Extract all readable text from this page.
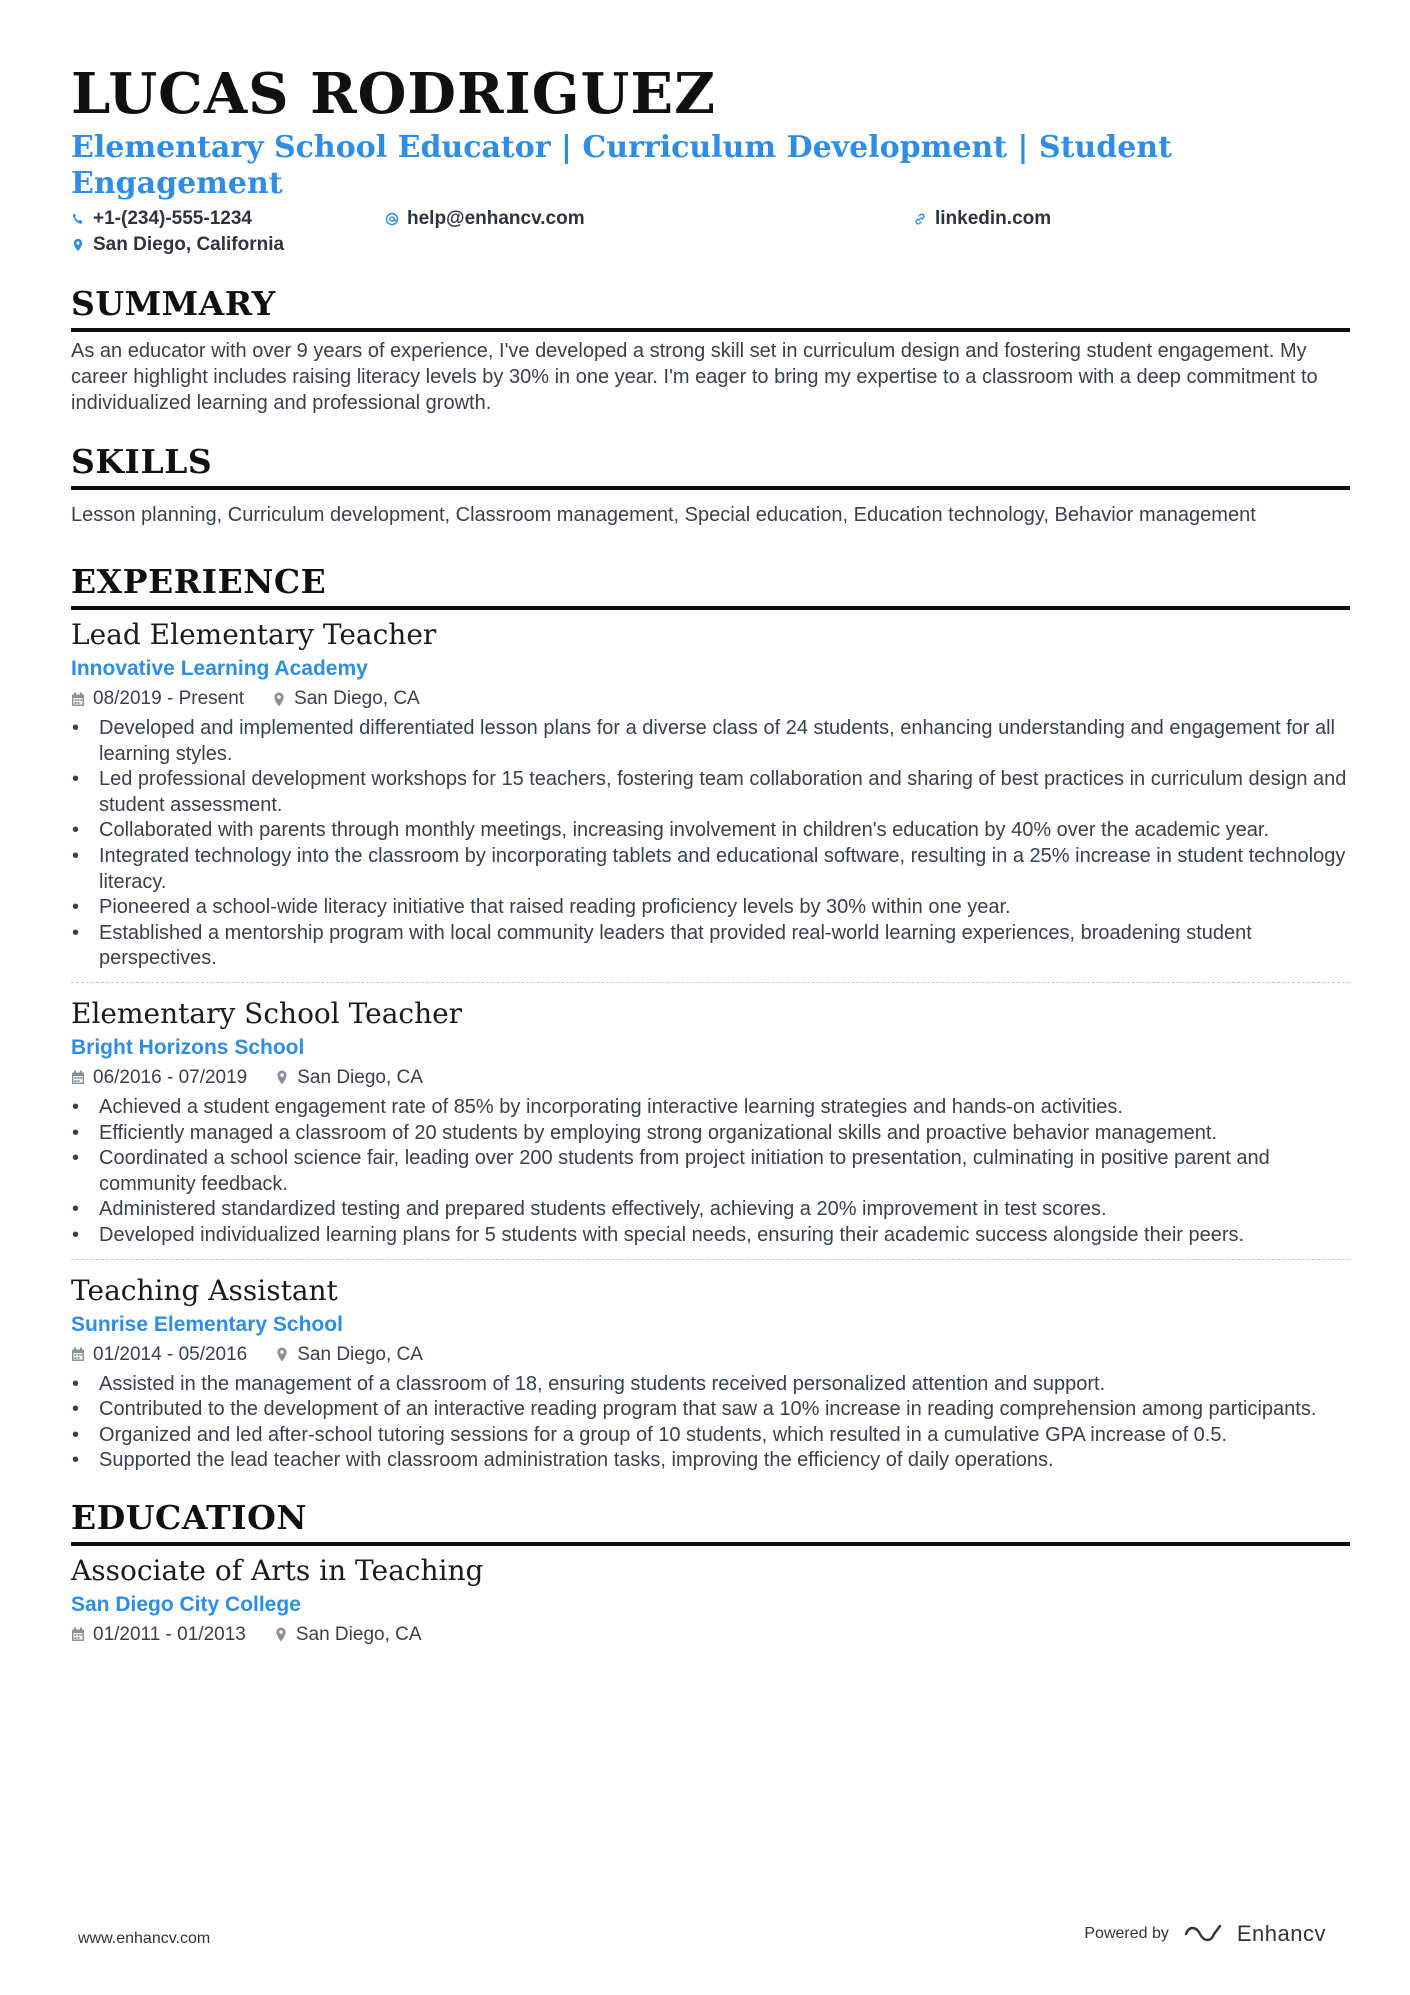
LUCAS RODRIGUEZ
Elementary School Educator | Curriculum Development | Student Engagement
+1-(234)-555-1234	help@enhancv.com	linkedin.com
San Diego, California
SUMMARY
As an educator with over 9 years of experience, I've developed a strong skill set in curriculum design and fostering student engagement. My career highlight includes raising literacy levels by 30% in one year. I'm eager to bring my expertise to a classroom with a deep commitment to individualized learning and professional growth.
SKILLS
Lesson planning, Curriculum development, Classroom management, Special education, Education technology, Behavior management
EXPERIENCE
Lead Elementary Teacher
Innovative Learning Academy
08/2019 - Present	San Diego, CA
• Developed and implemented differentiated lesson plans for a diverse class of 24 students, enhancing understanding and engagement for all learning styles.
• Led professional development workshops for 15 teachers, fostering team collaboration and sharing of best practices in curriculum design and student assessment.
• Collaborated with parents through monthly meetings, increasing involvement in children's education by 40% over the academic year.
• Integrated technology into the classroom by incorporating tablets and educational software, resulting in a 25% increase in student technology literacy.
• Pioneered a school-wide literacy initiative that raised reading proficiency levels by 30% within one year.
• Established a mentorship program with local community leaders that provided real-world learning experiences, broadening student perspectives.
Elementary School Teacher
Bright Horizons School
06/2016 - 07/2019	San Diego, CA
• Achieved a student engagement rate of 85% by incorporating interactive learning strategies and hands-on activities.
• Efficiently managed a classroom of 20 students by employing strong organizational skills and proactive behavior management.
• Coordinated a school science fair, leading over 200 students from project initiation to presentation, culminating in positive parent and community feedback.
• Administered standardized testing and prepared students effectively, achieving a 20% improvement in test scores.
• Developed individualized learning plans for 5 students with special needs, ensuring their academic success alongside their peers.
Teaching Assistant
Sunrise Elementary School
01/2014 - 05/2016	San Diego, CA
• Assisted in the management of a classroom of 18, ensuring students received personalized attention and support.
• Contributed to the development of an interactive reading program that saw a 10% increase in reading comprehension among participants.
• Organized and led after-school tutoring sessions for a group of 10 students, which resulted in a cumulative GPA increase of 0.5.
• Supported the lead teacher with classroom administration tasks, improving the efficiency of daily operations.
EDUCATION
Associate of Arts in Teaching
San Diego City College
01/2011 - 01/2013	San Diego, CA
www.enhancv.com	Powered by	Enhancv
